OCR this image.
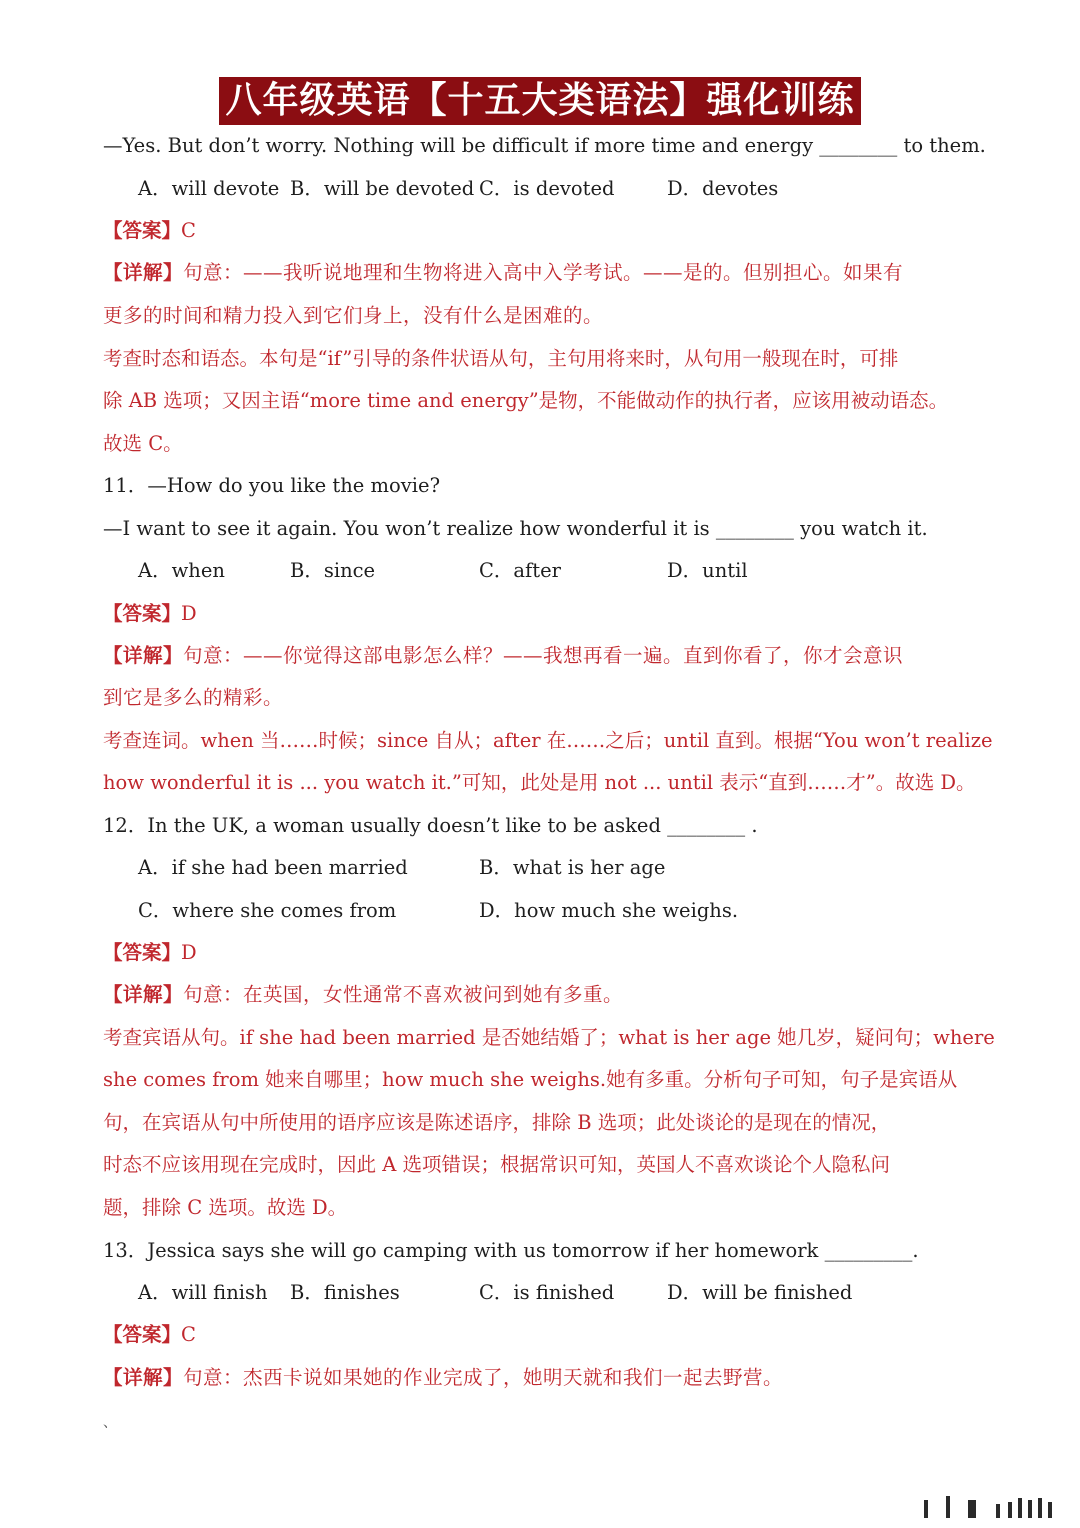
八年级英语【十五大类语法】强化训练
—Yes. But don’t worry. Nothing will be difficult if more time and energy ________ to them.
A．will devote B．will be devoted C．is devoted	D．devotes
【答案】C
【详解】句意：——我听说地理和生物将进入高中入学考试。——是的。但别担心。如果有
更多的时间和精力投入到它们身上，没有什么是困难的。
考查时态和语态。本句是“if”引导的条件状语从句，主句用将来时，从句用一般现在时，可排
除 AB 选项；又因主语“more time and energy”是物，不能做动作的执行者，应该用被动语态。
故选 C。
11．—How do you like the movie?
—I want to see it again. You won’t realize how wonderful it is ________ you watch it.
A．when	B．since	C．after	D．until
【答案】D
【详解】句意：——你觉得这部电影怎么样？——我想再看一遍。直到你看了，你才会意识
到它是多么的精彩。
考查连词。when 当……时候；since 自从；after 在……之后；until 直到。根据“You won’t realize
how wonderful it is ... you watch it.”可知，此处是用 not ... until 表示“直到……才”。故选 D。
12．In the UK, a woman usually doesn’t like to be asked ________ .
A．if she had been married	B．what is her age
C．where she comes from	D．how much she weighs.
【答案】D
【详解】句意：在英国，女性通常不喜欢被问到她有多重。
考查宾语从句。if she had been married 是否她结婚了；what is her age 她几岁，疑问句；where
she comes from 她来自哪里；how much she weighs.她有多重。分析句子可知，句子是宾语从
句，在宾语从句中所使用的语序应该是陈述语序，排除 B 选项；此处谈论的是现在的情况，
时态不应该用现在完成时，因此 A 选项错误；根据常识可知，英国人不喜欢谈论个人隐私问
题，排除 C 选项。故选 D。
13．Jessica says she will go camping with us tomorrow if her homework _________.
A．will finish B．finishes	C．is finished	D．will be finished
【答案】C
【详解】句意：杰西卡说如果她的作业完成了，她明天就和我们一起去野营。
、
